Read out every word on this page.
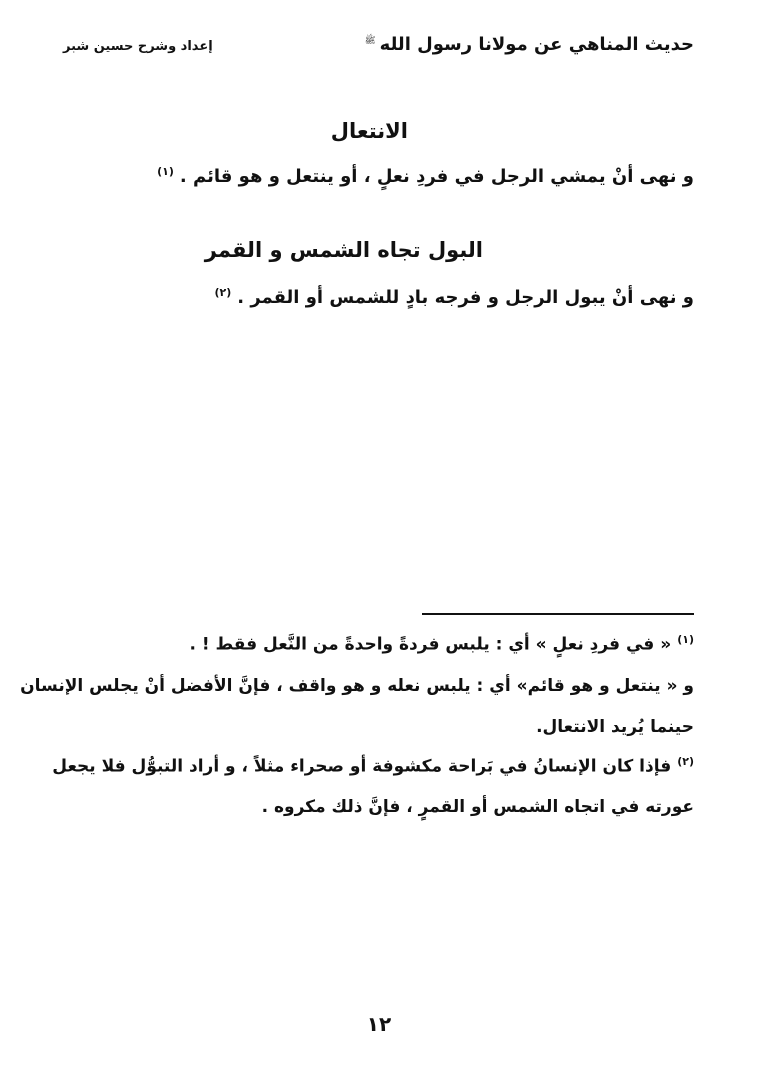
حديث المناهي عن مولانا رسول اللهﷺ
إعداد وشرح حسين شبر
الانتعال
و نهى أنْ يمشي الرجل في فردِ نعلٍ ، أو ينتعل و هو قائم .$^{(١)}$
البول تجاه الشمس و القمر
و نهى أنْ يبول الرجل و فرجه بادٍ للشمس أو القمر .$^{(٢)}$
$^{(١)}$« في فردِ نعلٍ » أي : يلبس فردةً واحدةً من النَّعل فقط ! .
و « ينتعل و هو قائم» أي : يلبس نعله و هو واقف ، فإنَّ الأفضل أنْ يجلس الإنسان
حينما يُريد الانتعال.
$^{(٢)}$فإذا كان الإنسانُ في بَراحة مكشوفة أو صحراء مثلاً ، و أراد التبوُّل فلا يجعل
عورته في اتجاه الشمس أو القمرٍ ، فإنَّ ذلك مكروه .
١٢
